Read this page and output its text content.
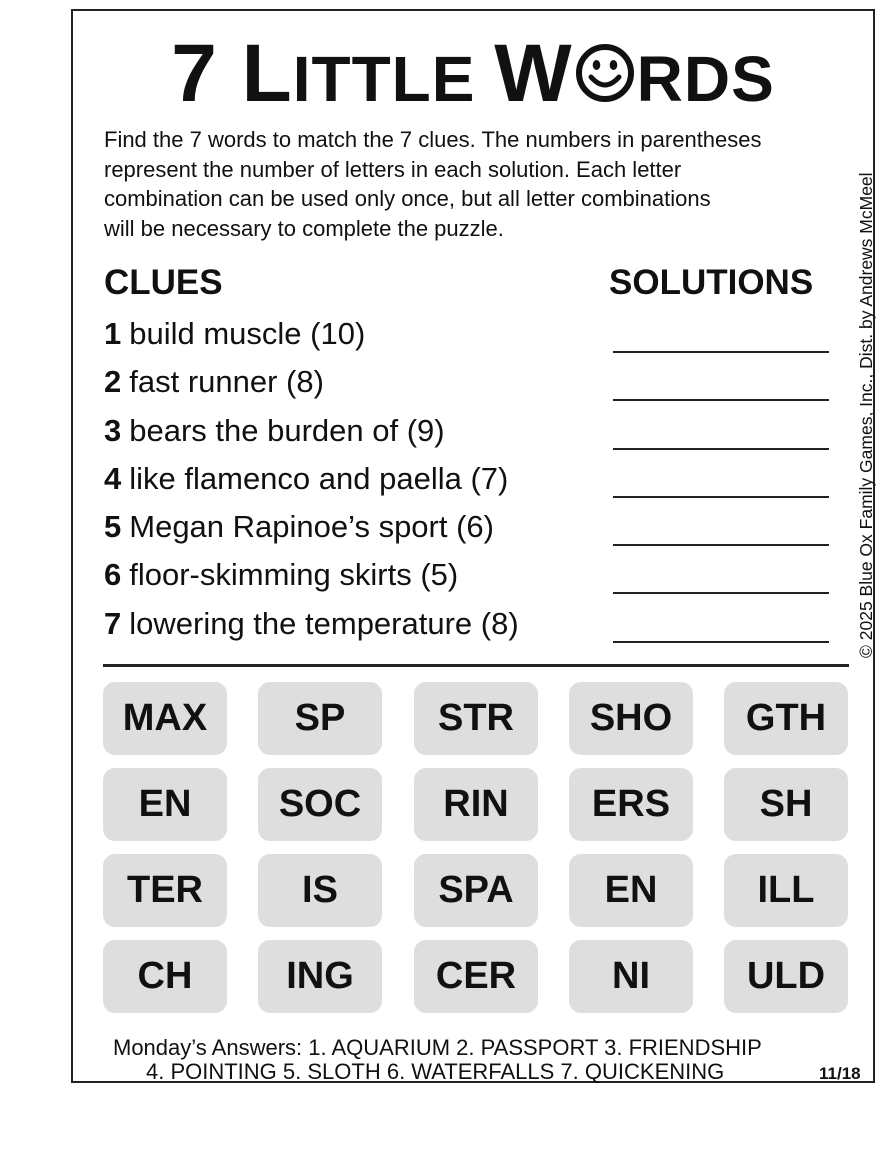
7 LITTLE W RDS
Find the 7 words to match the 7 clues. The numbers in parentheses
represent the number of letters in each solution. Each letter
combination can be used only once, but all letter combinations
will be necessary to complete the puzzle.
CLUES	SOLUTIONS
1 build muscle (10)
2 fast runner (8)
3 bears the burden of (9)
4 like flamenco and paella (7)
5 Megan Rapinoe’s sport (6)
6 floor-skimming skirts (5)
7 lowering the temperature (8)	© 2025 Blue Ox Family Games, Inc., Dist. by Andrews McMeel
MAX	SP	STR	SHO	GTH
EN	SOC	RIN	ERS	SH
TER	IS	SPA	EN	ILL
CH	ING	CER	NI	ULD
Monday’s Answers: 1. AQUARIUM 2. PASSPORT 3. FRIENDSHIP
4. POINTING 5. SLOTH 6. WATERFALLS 7. QUICKENING	11/18
